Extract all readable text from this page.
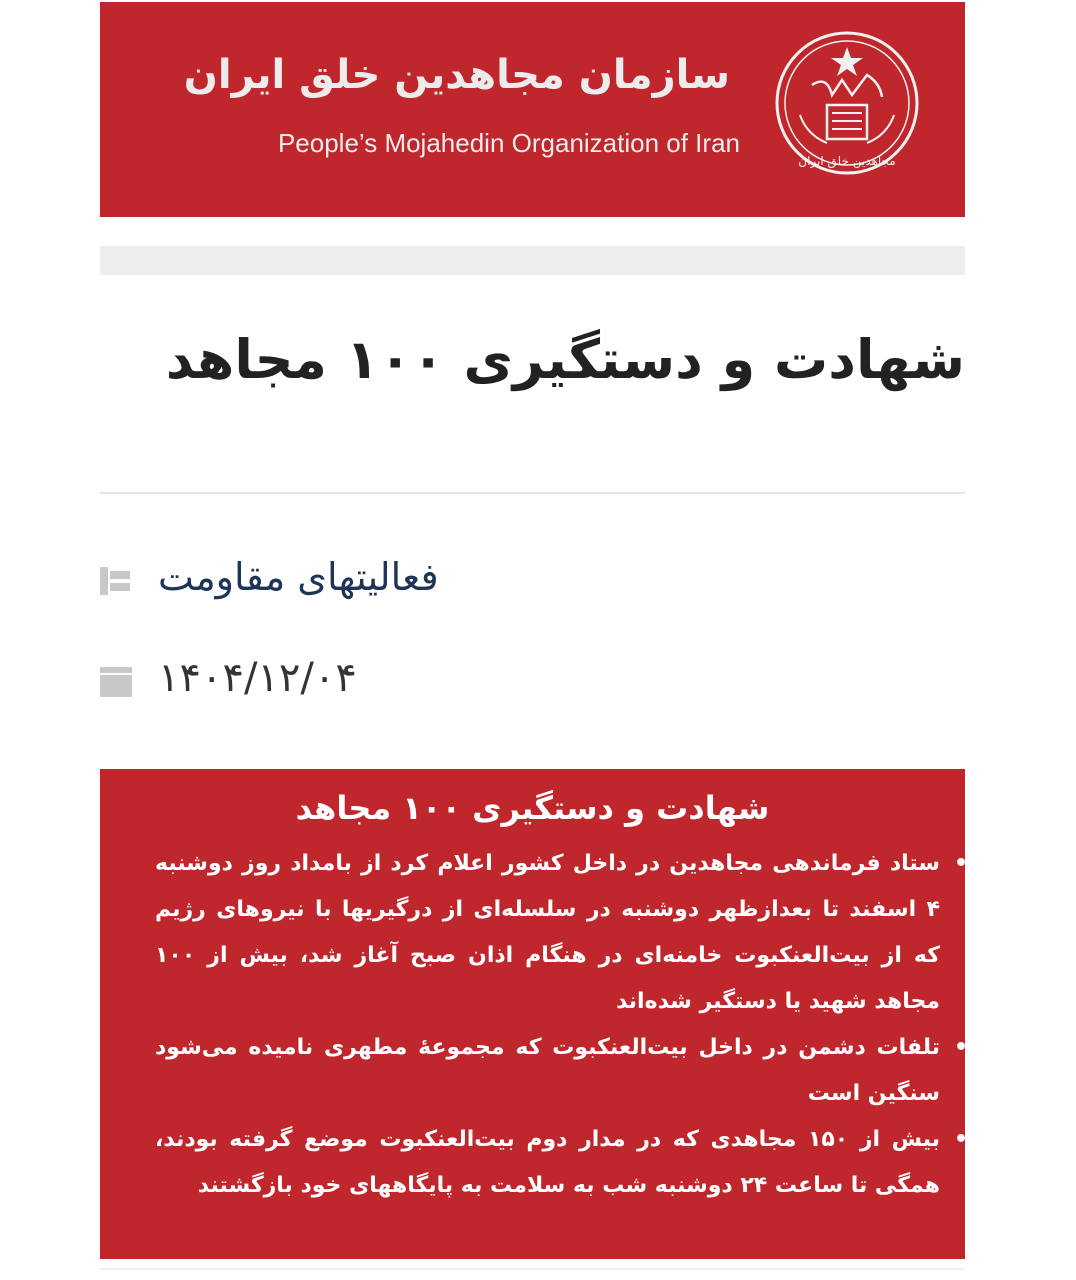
سازمان مجاهدین خلق ایران
People’s Mojahedin Organization of Iran
مجاهدین خلق ایران
شهادت و دستگیری ۱۰۰ مجاهد
فعالیتهای مقاومت
۱۴۰۴/۱۲/۰۴
شهادت و دستگیری ۱۰۰ مجاهد
• ستاد فرماندهی مجاهدین در داخل کشور اعلام کرد از بامداد روز دوشنبه ۴ اسفند تا بعدازظهر دوشنبه در سلسله‌ای از درگیریها با نیروهای رژیم که از بیت‌العنکبوت خامنه‌ای در هنگام اذان صبح آغاز شد، بیش از ۱۰۰ مجاهد شهید یا دستگیر شده‌اند
• تلفات دشمن در داخل بیت‌العنکبوت که مجموعهٔ مطهری نامیده می‌شود سنگین است
• بیش از ۱۵۰ مجاهدی که در مدار دوم بیت‌العنکبوت موضع گرفته بودند، همگی تا ساعت ۲۴ دوشنبه شب به سلامت به پایگاههای خود بازگشتند
